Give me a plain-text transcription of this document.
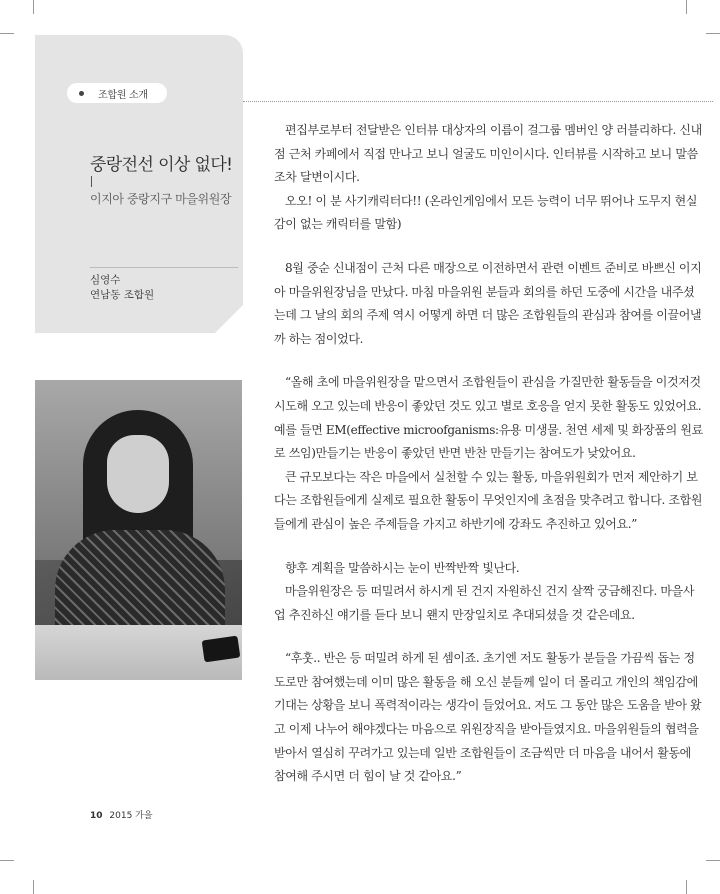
조합원 소개
중랑전선 이상 없다!
이지아 중랑지구 마을위원장
심영수
연남동 조합원

편집부로부터 전달받은 인터뷰 대상자의 이름이 걸그룹 멤버인 양 러블리하다. 신내점 근처 카페에서 직접 만나고 보니 얼굴도 미인이시다. 인터뷰를 시작하고 보니 말씀조차 달변이시다.

오오! 이 분 사기캐릭터다!! (온라인게임에서 모든 능력이 너무 뛰어나 도무지 현실감이 없는 캐릭터를 말함)

8월 중순 신내점이 근처 다른 매장으로 이전하면서 관련 이벤트 준비로 바쁘신 이지아 마을위원장님을 만났다. 마침 마을위원 분들과 회의를 하던 도중에 시간을 내주셨는데 그 날의 회의 주제 역시 어떻게 하면 더 많은 조합원들의 관심과 참여를 이끌어낼까 하는 점이었다.

“올해 초에 마을위원장을 맡으면서 조합원들이 관심을 가질만한 활동들을 이것저것 시도해 오고 있는데 반응이 좋았던 것도 있고 별로 호응을 얻지 못한 활동도 있었어요. 예를 들면 EM(effective microofganisms:유용 미생물. 천연 세제 및 화장품의 원료로 쓰임)만들기는 반응이 좋았던 반면 반찬 만들기는 참여도가 낮았어요.

큰 규모보다는 작은 마을에서 실천할 수 있는 활동, 마을위원회가 먼저 제안하기 보다는 조합원들에게 실제로 필요한 활동이 무엇인지에 초점을 맞추려고 합니다. 조합원들에게 관심이 높은 주제들을 가지고 하반기에 강좌도 추진하고 있어요.”

향후 계획을 말씀하시는 눈이 반짝반짝 빛난다.

마을위원장은 등 떠밀려서 하시게 된 건지 자원하신 건지 살짝 궁금해진다. 마을사업 추진하신 얘기를 듣다 보니 왠지 만장일치로 추대되셨을 것 같은데요.

“후훗.. 반은 등 떠밀려 하게 된 셈이죠. 초기엔 저도 활동가 분들을 가끔씩 돕는 정도로만 참여했는데 이미 많은 활동을 해 오신 분들께 일이 더 몰리고 개인의 책임감에 기대는 상황을 보니 폭력적이라는 생각이 들었어요. 저도 그 동안 많은 도움을 받아 왔고 이제 나누어 해야겠다는 마음으로 위원장직을 받아들였지요. 마을위원들의 협력을 받아서 열심히 꾸려가고 있는데 일반 조합원들이 조금씩만 더 마음을 내어서 활동에 참여해 주시면 더 힘이 날 것 같아요.”

10 2015 가을
